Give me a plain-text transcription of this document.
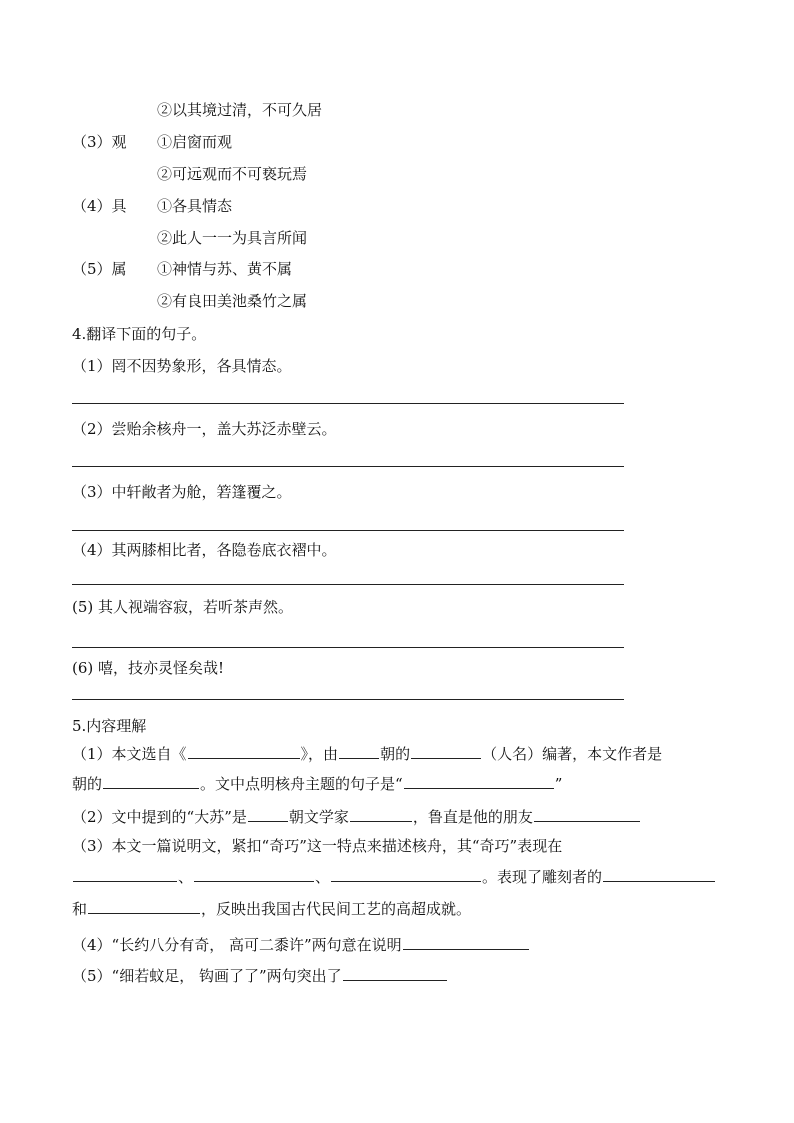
②以其境过清，不可久居
（3）观 ①启窗而观
②可远观而不可亵玩焉
（4）具 ①各具情态
②此人一一为具言所闻
（5）属 ①神情与苏、黄不属
②有良田美池桑竹之属
4.翻译下面的句子。
（1）罔不因势象形，各具情态。
（2）尝贻余核舟一，盖大苏泛赤壁云。
（3）中轩敞者为舱，箬篷覆之。
（4）其两膝相比者，各隐卷底衣褶中。
(5) 其人视端容寂，若听茶声然。
(6) 嘻，技亦灵怪矣哉!
5.内容理解
（1）本文选自《	》，由	朝的	（人名）编著，本文作者是
朝的	。文中点明核舟主题的句子是“	”
（2）文中提到的“大苏”是	朝文学家	，鲁直是他的朋友
（3）本文一篇说明文，紧扣“奇巧”这一特点来描述核舟，其“奇巧”表现在
、	、	。表现了雕刻者的
和	，反映出我国古代民间工艺的高超成就。
（4）“长约八分有奇， 高可二黍许”两句意在说明
（5）“细若蚊足， 钩画了了”两句突出了
